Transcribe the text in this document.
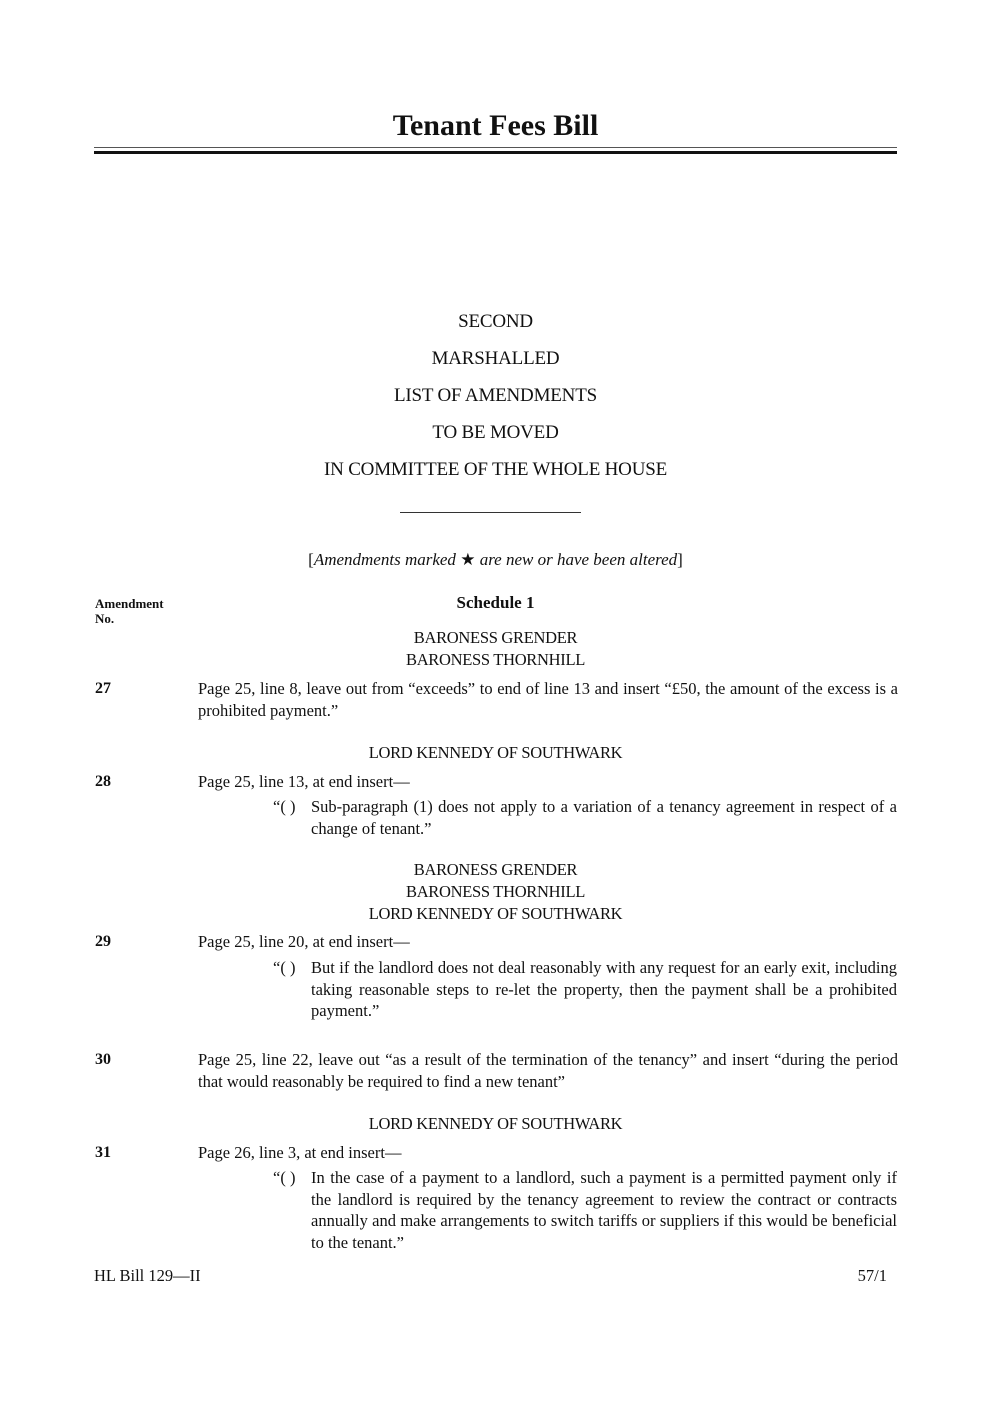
Tenant Fees Bill
SECOND
MARSHALLED
LIST OF AMENDMENTS
TO BE MOVED
IN COMMITTEE OF THE WHOLE HOUSE
[Amendments marked ★ are new or have been altered]
Amendment
No.
Schedule 1
BARONESS GRENDER
BARONESS THORNHILL
27	Page 25, line 8, leave out from “exceeds” to end of line 13 and insert “£50, the amount of the excess is a prohibited payment.”
LORD KENNEDY OF SOUTHWARK
28	Page 25, line 13, at end insert—
“( ) Sub-paragraph (1) does not apply to a variation of a tenancy agreement in respect of a change of tenant.”
BARONESS GRENDER
BARONESS THORNHILL
LORD KENNEDY OF SOUTHWARK
29	Page 25, line 20, at end insert—
“( ) But if the landlord does not deal reasonably with any request for an early exit, including taking reasonable steps to re-let the property, then the payment shall be a prohibited payment.”
30	Page 25, line 22, leave out “as a result of the termination of the tenancy” and insert “during the period that would reasonably be required to find a new tenant”
LORD KENNEDY OF SOUTHWARK
31	Page 26, line 3, at end insert—
“( ) In the case of a payment to a landlord, such a payment is a permitted payment only if the landlord is required by the tenancy agreement to review the contract or contracts annually and make arrangements to switch tariffs or suppliers if this would be beneficial to the tenant.”
HL Bill 129—II	57/1
